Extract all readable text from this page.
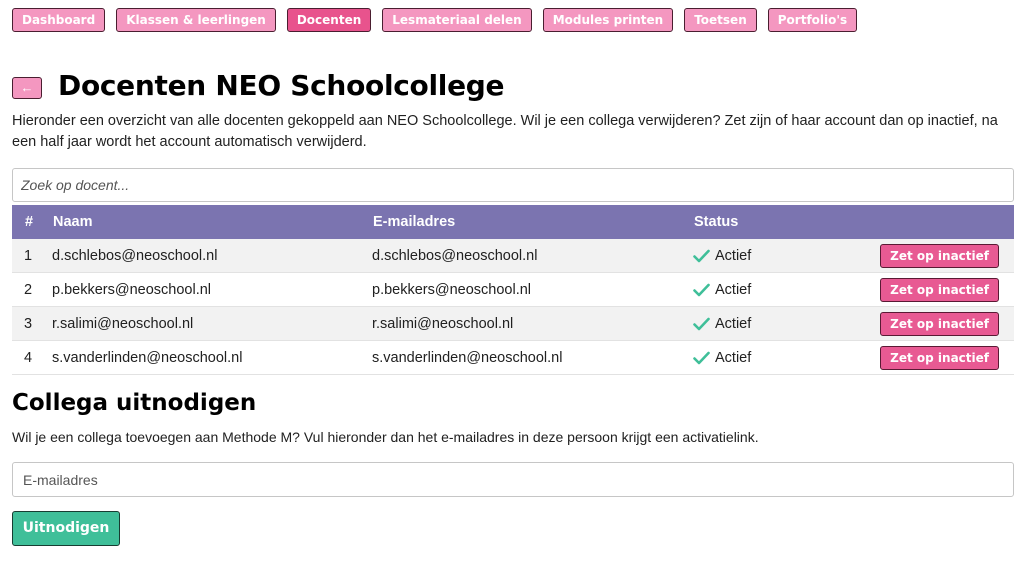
Dashboard	Klassen & leerlingen	Docenten	Lesmateriaal delen	Modules printen	Toetsen	Portfolio's
← Docenten NEO Schoolcollege

Hieronder een overzicht van alle docenten gekoppeld aan NEO Schoolcollege. Wil je een collega verwijderen? Zet zijn of haar account dan op inactief, na een half jaar wordt het account automatisch verwijderd.

Zoek op docent...
#	Naam	E-mailadres	Status
1	d.schlebos@neoschool.nl	d.schlebos@neoschool.nl	Actief	Zet op inactief
2	p.bekkers@neoschool.nl	p.bekkers@neoschool.nl	Actief	Zet op inactief
3	r.salimi@neoschool.nl	r.salimi@neoschool.nl	Actief	Zet op inactief
4	s.vanderlinden@neoschool.nl	s.vanderlinden@neoschool.nl	Actief	Zet op inactief
Collega uitnodigen

Wil je een collega toevoegen aan Methode M? Vul hieronder dan het e-mailadres in deze persoon krijgt een activatielink.

E-mailadres
Uitnodigen
